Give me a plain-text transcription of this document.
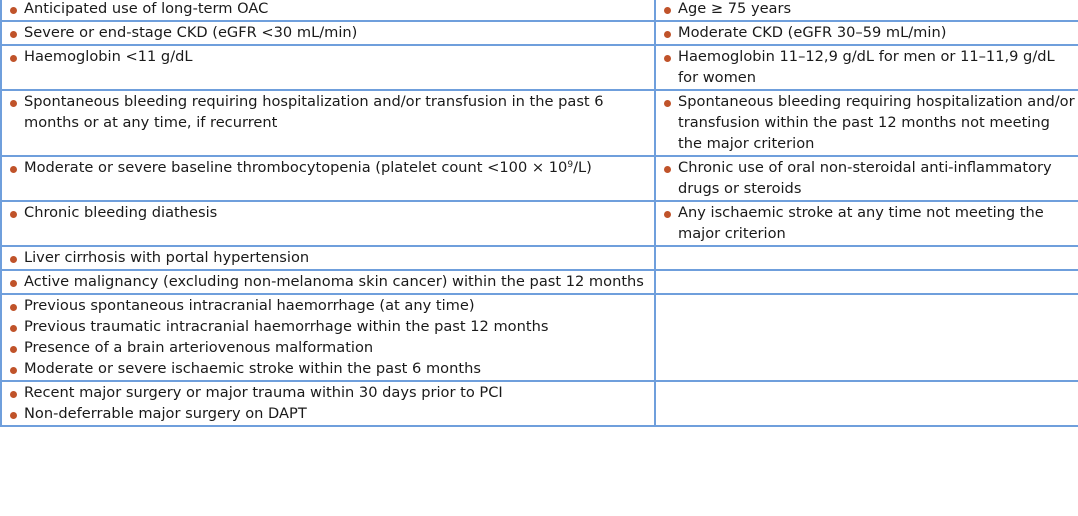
Anticipated use of long-term OAC	Age ≥ 75 years

Severe or end-stage CKD (eGFR <30 mL/min)	Moderate CKD (eGFR 30–59 mL/min)

Haemoglobin <11 g/dL	Haemoglobin 11–12,9 g/dL for men or 11–11,9 g/dL for women

Spontaneous bleeding requiring hospitalization and/or transfusion in the past 6 months or at any time, if recurrent	Spontaneous bleeding requiring hospitalization and/or transfusion within the past 12 months not meeting the major criterion

Moderate or severe baseline thrombocytopenia (platelet count $<100 \times 10^9/L$)	Chronic use of oral non-steroidal anti-inflammatory drugs or steroids

Chronic bleeding diathesis	Any ischaemic stroke at any time not meeting the major criterion

Liver cirrhosis with portal hypertension	

Active malignancy (excluding non-melanoma skin cancer) within the past 12 months	

Previous spontaneous intracranial haemorrhage (at any time)
Previous traumatic intracranial haemorrhage within the past 12 months
Presence of a brain arteriovenous malformation
Moderate or severe ischaemic stroke within the past 6 months	

Recent major surgery or major trauma within 30 days prior to PCI
Non-deferrable major surgery on DAPT	
